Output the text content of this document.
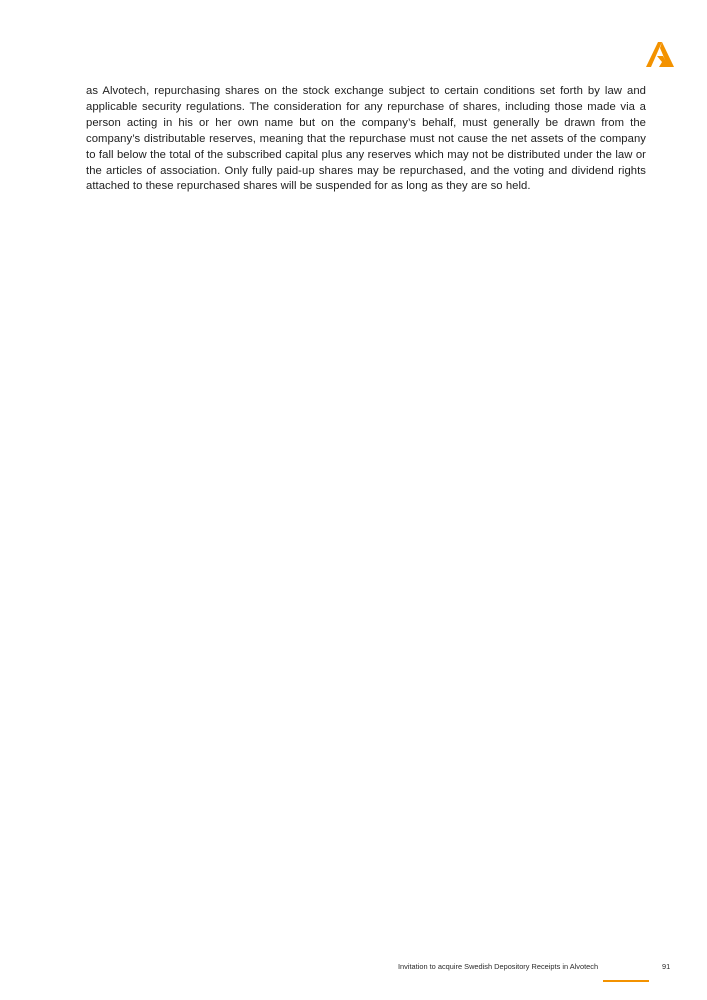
as Alvotech, repurchasing shares on the stock exchange subject to certain conditions set forth by law and applicable security regulations. The consideration for any repurchase of shares, including those made via a person acting in his or her own name but on the company’s behalf, must generally be drawn from the company’s distributable reserves, meaning that the repurchase must not cause the net assets of the company to fall below the total of the subscribed capital plus any reserves which may not be distributed under the law or the articles of association. Only fully paid-up shares may be repurchased, and the voting and dividend rights attached to these repurchased shares will be suspended for as long as they are so held.

Invitation to acquire Swedish Depository Receipts in Alvotech	91
